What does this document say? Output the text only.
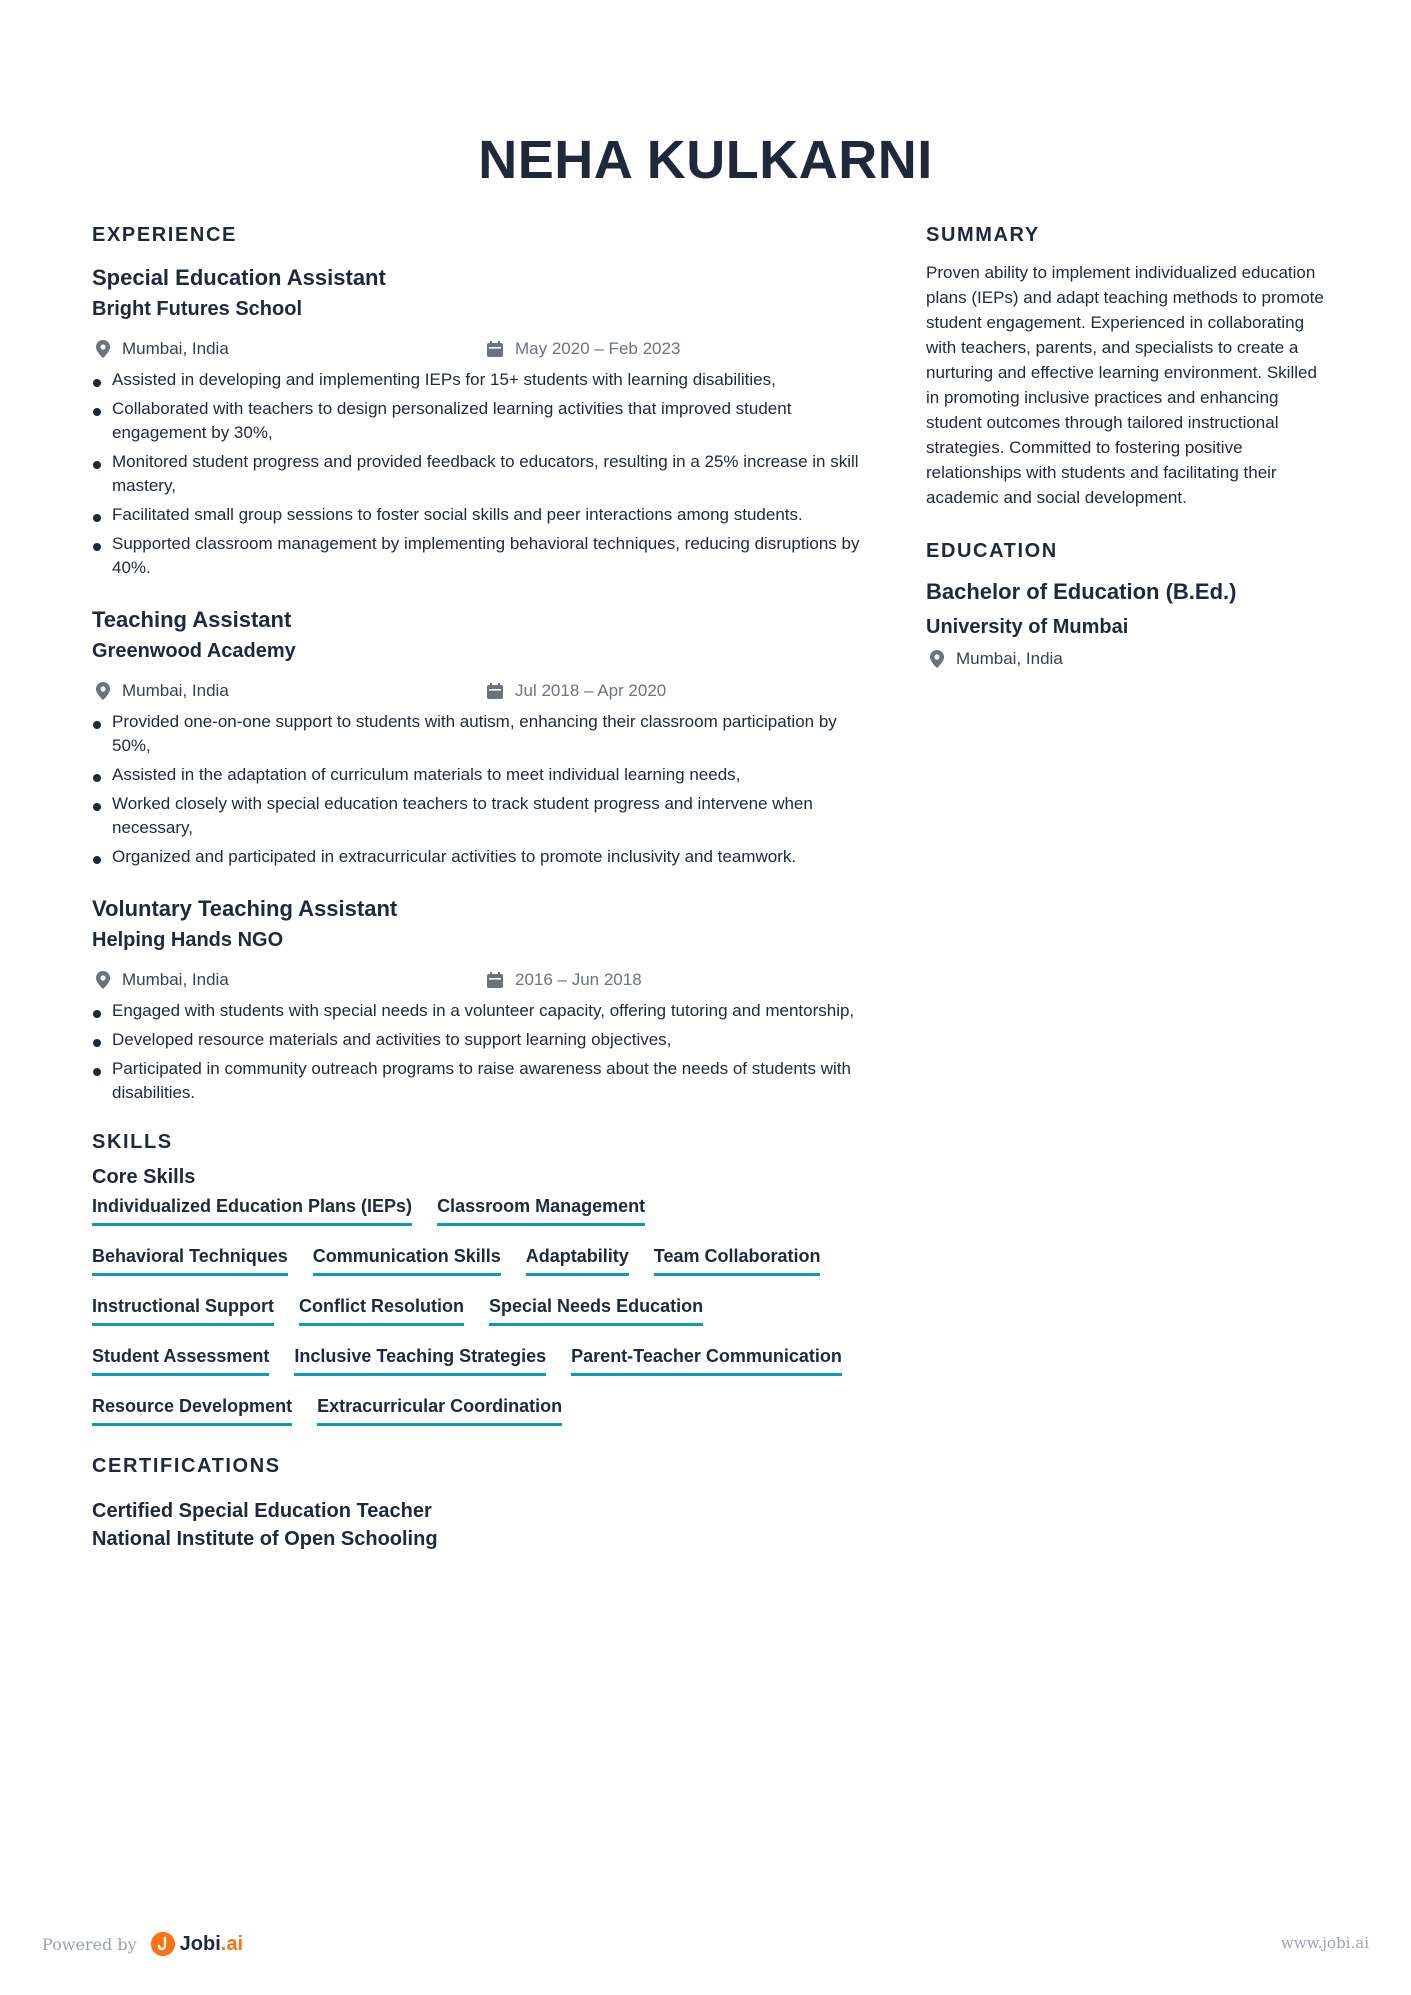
NEHA KULKARNI
EXPERIENCE
Special Education Assistant
Bright Futures School
Mumbai, India	May 2020 – Feb 2023
Assisted in developing and implementing IEPs for 15+ students with learning disabilities,
Collaborated with teachers to design personalized learning activities that improved student engagement by 30%,
Monitored student progress and provided feedback to educators, resulting in a 25% increase in skill mastery,
Facilitated small group sessions to foster social skills and peer interactions among students.
Supported classroom management by implementing behavioral techniques, reducing disruptions by 40%.
Teaching Assistant
Greenwood Academy
Mumbai, India	Jul 2018 – Apr 2020
Provided one-on-one support to students with autism, enhancing their classroom participation by 50%,
Assisted in the adaptation of curriculum materials to meet individual learning needs,
Worked closely with special education teachers to track student progress and intervene when necessary,
Organized and participated in extracurricular activities to promote inclusivity and teamwork.
Voluntary Teaching Assistant
Helping Hands NGO
Mumbai, India	2016 – Jun 2018
Engaged with students with special needs in a volunteer capacity, offering tutoring and mentorship,
Developed resource materials and activities to support learning objectives,
Participated in community outreach programs to raise awareness about the needs of students with disabilities.
SKILLS
Core Skills
Individualized Education Plans (IEPs) Classroom Management
Behavioral Techniques Communication Skills Adaptability Team Collaboration
Instructional Support Conflict Resolution Special Needs Education
Student Assessment Inclusive Teaching Strategies Parent-Teacher Communication
Resource Development Extracurricular Coordination
CERTIFICATIONS
Certified Special Education Teacher
National Institute of Open Schooling
SUMMARY
Proven ability to implement individualized education plans (IEPs) and adapt teaching methods to promote student engagement. Experienced in collaborating with teachers, parents, and specialists to create a nurturing and effective learning environment. Skilled in promoting inclusive practices and enhancing student outcomes through tailored instructional strategies. Committed to fostering positive relationships with students and facilitating their academic and social development.
EDUCATION
Bachelor of Education (B.Ed.)
University of Mumbai
Mumbai, India
Powered by Jobi.ai	www.jobi.ai
